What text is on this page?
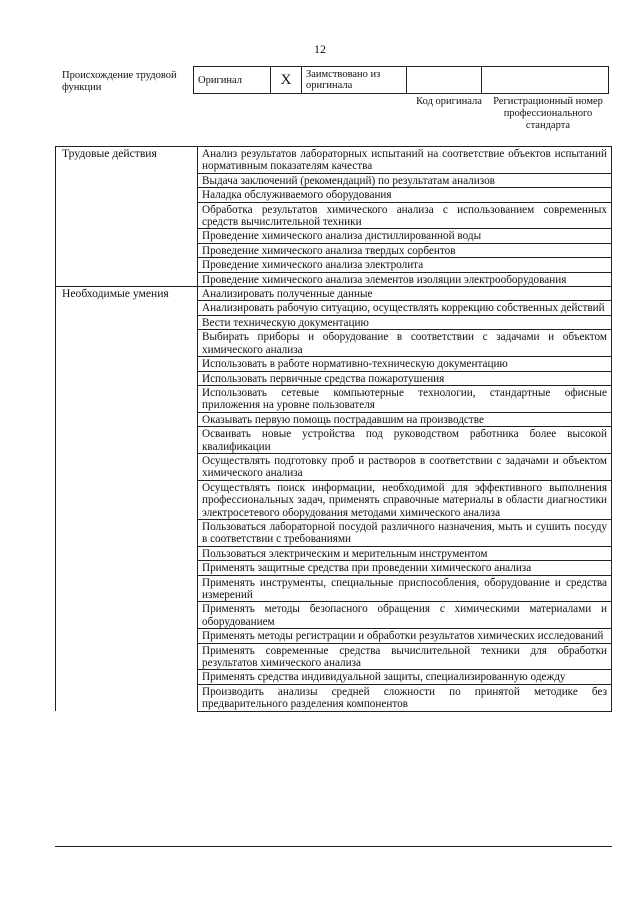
12
Происхождение трудовой функции
Оригинал	X	Заимствовано из оригинала		
Код оригинала	Регистрационный номер профессионального стандарта
Трудовые действия	Анализ результатов лабораторных испытаний на соответствие объектов испытаний нормативным показателям качества
	Выдача заключений (рекомендаций) по результатам анализов
	Наладка обслуживаемого оборудования
	Обработка результатов химического анализа с использованием современных средств вычислительной техники
	Проведение химического анализа дистиллированной воды
	Проведение химического анализа твердых сорбентов
	Проведение химического анализа электролита
	Проведение химического анализа элементов изоляции электрооборудования
Необходимые умения	Анализировать полученные данные
	Анализировать рабочую ситуацию, осуществлять коррекцию собственных действий
	Вести техническую документацию
	Выбирать приборы и оборудование в соответствии с задачами и объектом химического анализа
	Использовать в работе нормативно-техническую документацию
	Использовать первичные средства пожаротушения
	Использовать сетевые компьютерные технологии, стандартные офисные приложения на уровне пользователя
	Оказывать первую помощь пострадавшим на производстве
	Осваивать новые устройства под руководством работника более высокой квалификации
	Осуществлять подготовку проб и растворов в соответствии с задачами и объектом химического анализа
	Осуществлять поиск информации, необходимой для эффективного выполнения профессиональных задач, применять справочные материалы в области диагностики электросетевого оборудования методами химического анализа
	Пользоваться лабораторной посудой различного назначения, мыть и сушить посуду в соответствии с требованиями
	Пользоваться электрическим и мерительным инструментом
	Применять защитные средства при проведении химического анализа
	Применять инструменты, специальные приспособления, оборудование и средства измерений
	Применять методы безопасного обращения с химическими материалами и оборудованием
	Применять методы регистрации и обработки результатов химических исследований
	Применять современные средства вычислительной техники для обработки результатов химического анализа
	Применять средства индивидуальной защиты, специализированную одежду
	Производить анализы средней сложности по принятой методике без предварительного разделения компонентов
